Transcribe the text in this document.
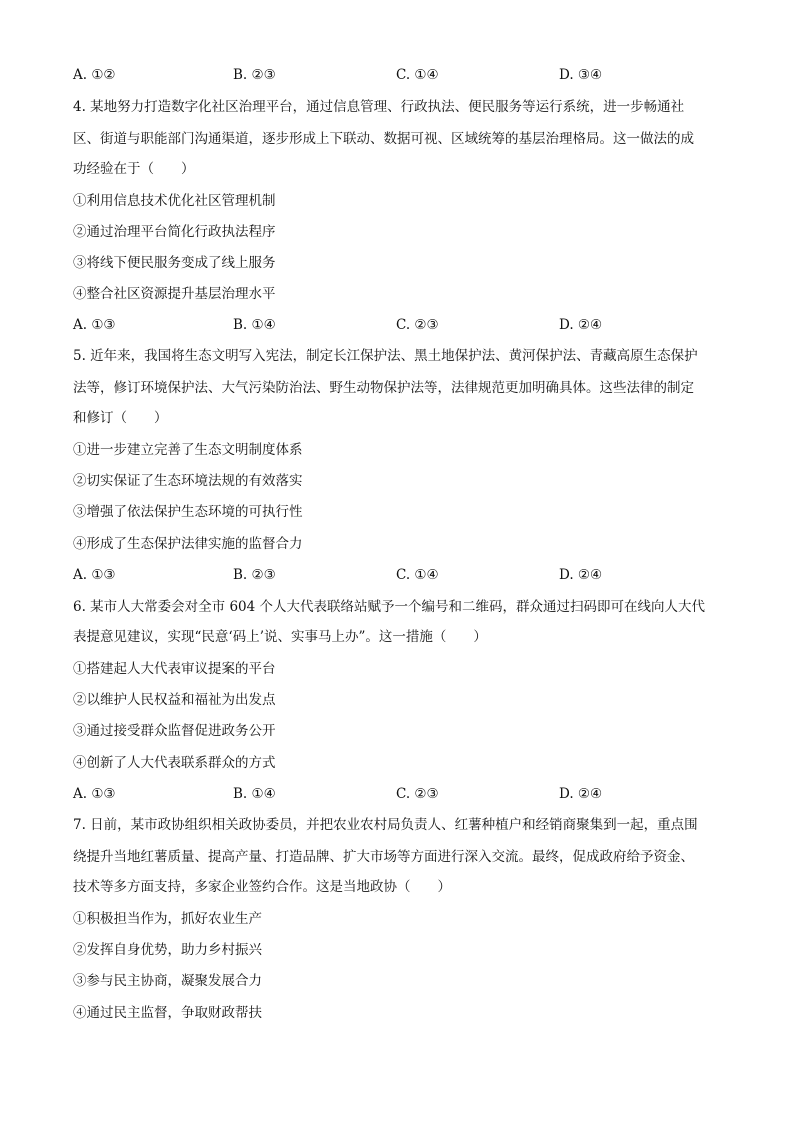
A. ①②	B. ②③	C. ①④	D. ③④
4. 某地努力打造数字化社区治理平台，通过信息管理、行政执法、便民服务等运行系统，进一步畅通社
区、街道与职能部门沟通渠道，逐步形成上下联动、数据可视、区域统筹的基层治理格局。这一做法的成
功经验在于（　　）
①利用信息技术优化社区管理机制
②通过治理平台简化行政执法程序
③将线下便民服务变成了线上服务
④整合社区资源提升基层治理水平
A. ①③	B. ①④	C. ②③	D. ②④
5. 近年来，我国将生态文明写入宪法，制定长江保护法、黑土地保护法、黄河保护法、青藏高原生态保护
法等，修订环境保护法、大气污染防治法、野生动物保护法等，法律规范更加明确具体。这些法律的制定
和修订（　　）
①进一步建立完善了生态文明制度体系
②切实保证了生态环境法规的有效落实
③增强了依法保护生态环境的可执行性
④形成了生态保护法律实施的监督合力
A. ①③	B. ②③	C. ①④	D. ②④
6. 某市人大常委会对全市 604 个人大代表联络站赋予一个编号和二维码，群众通过扫码即可在线向人大代
表提意见建议，实现“民意‘码上’说、实事马上办”。这一措施（　　）
①搭建起人大代表审议提案的平台
②以维护人民权益和福祉为出发点
③通过接受群众监督促进政务公开
④创新了人大代表联系群众的方式
A. ①③	B. ①④	C. ②③	D. ②④
7. 日前，某市政协组织相关政协委员，并把农业农村局负责人、红薯种植户和经销商聚集到一起，重点围
绕提升当地红薯质量、提高产量、打造品牌、扩大市场等方面进行深入交流。最终，促成政府给予资金、
技术等多方面支持，多家企业签约合作。这是当地政协（　　）
①积极担当作为，抓好农业生产
②发挥自身优势，助力乡村振兴
③参与民主协商，凝聚发展合力
④通过民主监督，争取财政帮扶
